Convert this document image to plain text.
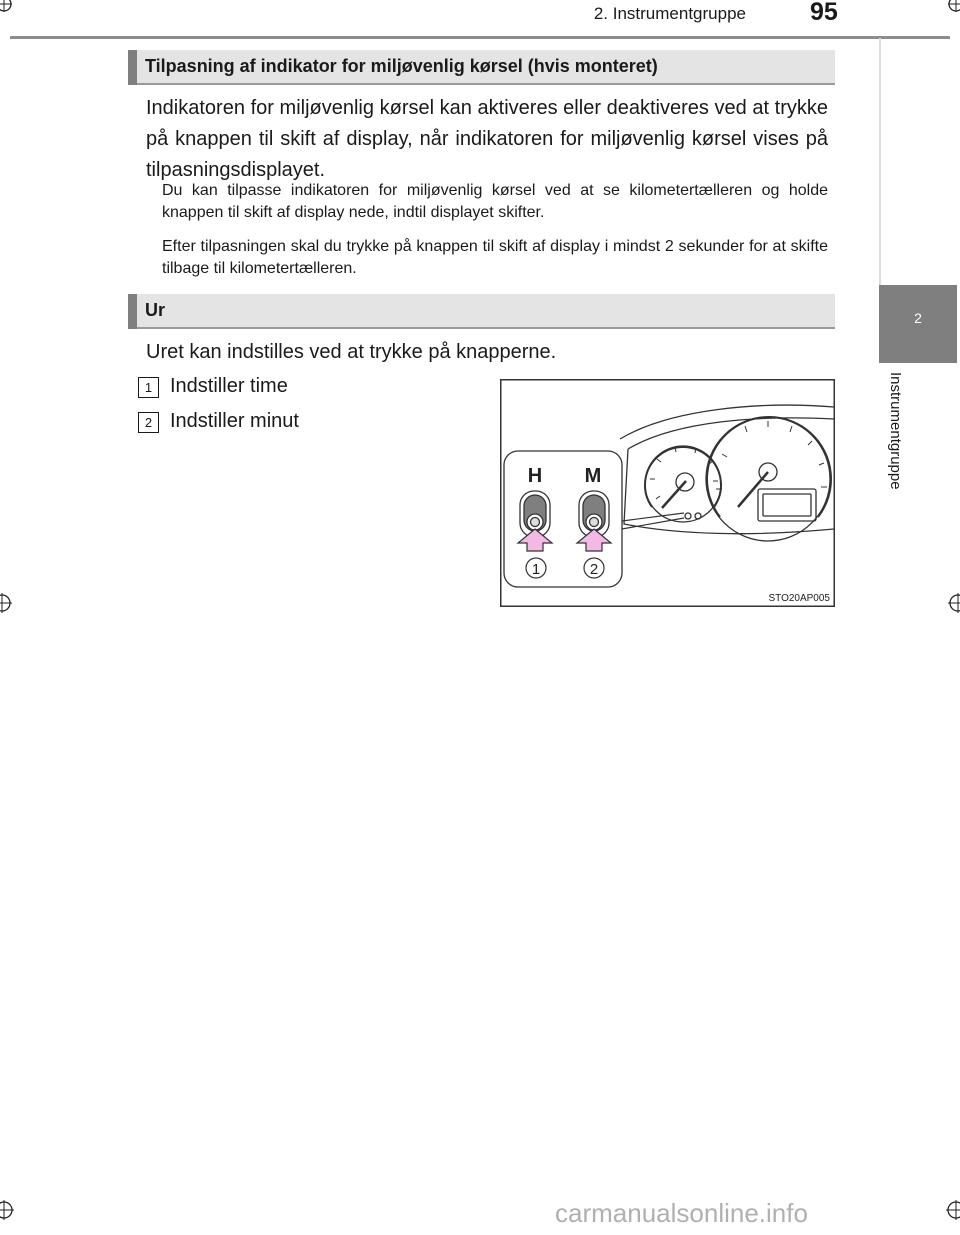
2. Instrumentgruppe	95
2
Instrumentgruppe
Tilpasning af indikator for miljøvenlig kørsel (hvis monteret)
Indikatoren for miljøvenlig kørsel kan aktiveres eller deaktiveres ved at trykke på knappen til skift af display, når indikatoren for miljøvenlig kørsel vises på tilpasningsdisplayet.
Du kan tilpasse indikatoren for miljøvenlig kørsel ved at se kilometertælleren og holde knappen til skift af display nede, indtil displayet skifter.
Efter tilpasningen skal du trykke på knappen til skift af display i mindst 2 sekunder for at skifte tilbage til kilometertælleren.
Ur
Uret kan indstilles ved at trykke på knapperne.
1 Indstiller time
2 Indstiller minut
H M
1	2
STO20AP005
carmanualsonline.info
